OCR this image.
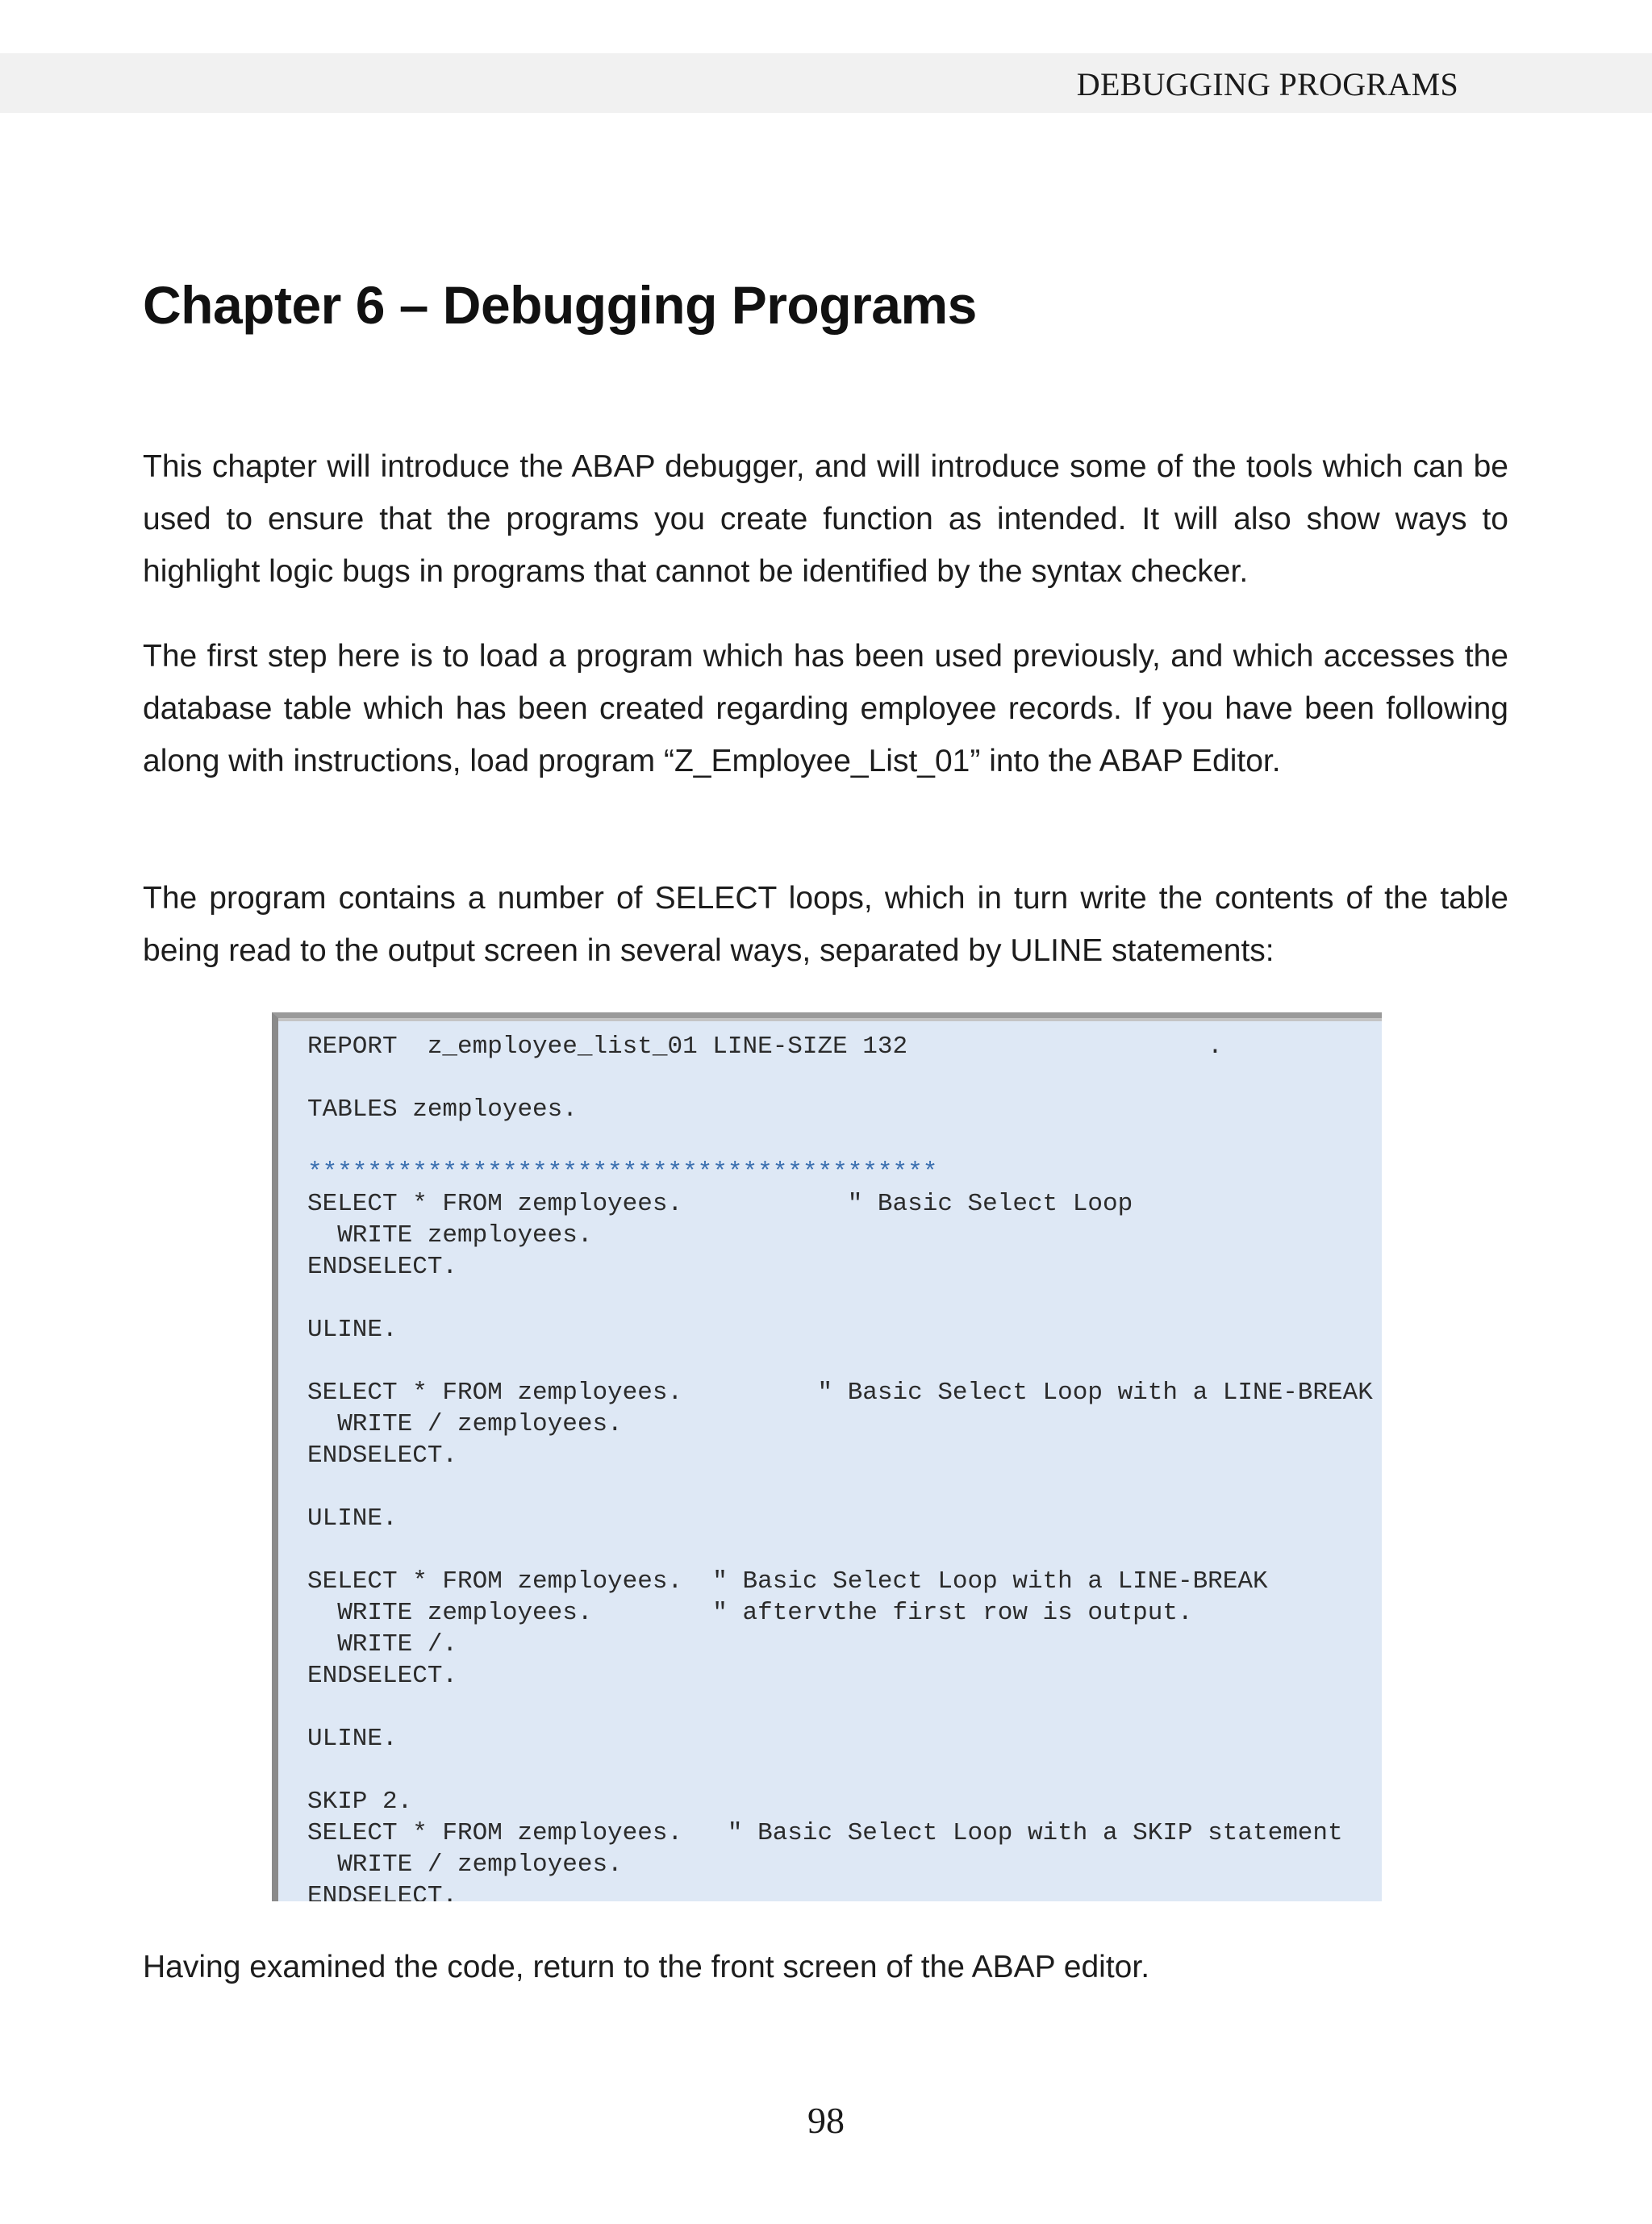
DEBUGGING PROGRAMS
Chapter 6 – Debugging Programs

This chapter will introduce the ABAP debugger, and will introduce some of the tools which can be used to ensure that the programs you create function as intended. It will also show ways to highlight logic bugs in programs that cannot be identified by the syntax checker.

The first step here is to load a program which has been used previously, and which accesses the database table which has been created regarding employee records. If you have been following along with instructions, load program “Z_Employee_List_01” into the ABAP Editor.

The program contains a number of SELECT loops, which in turn write the contents of the table being read to the output screen in several ways, separated by ULINE statements:

REPORT  z_employee_list_01 LINE-SIZE 132                    .
TABLES zemployees.
******************************************
SELECT * FROM zemployees.           " Basic Select Loop
WRITE zemployees.
ENDSELECT.
ULINE.
SELECT * FROM zemployees.         " Basic Select Loop with a LINE-BREAK
WRITE / zemployees.
ENDSELECT.
ULINE.
SELECT * FROM zemployees.  " Basic Select Loop with a LINE-BREAK
WRITE zemployees.        " aftervthe first row is output.
WRITE /.
ENDSELECT.
ULINE.
SKIP 2.
SELECT * FROM zemployees.   " Basic Select Loop with a SKIP statement
WRITE / zemployees.
ENDSELECT.

Having examined the code, return to the front screen of the ABAP editor.

98
